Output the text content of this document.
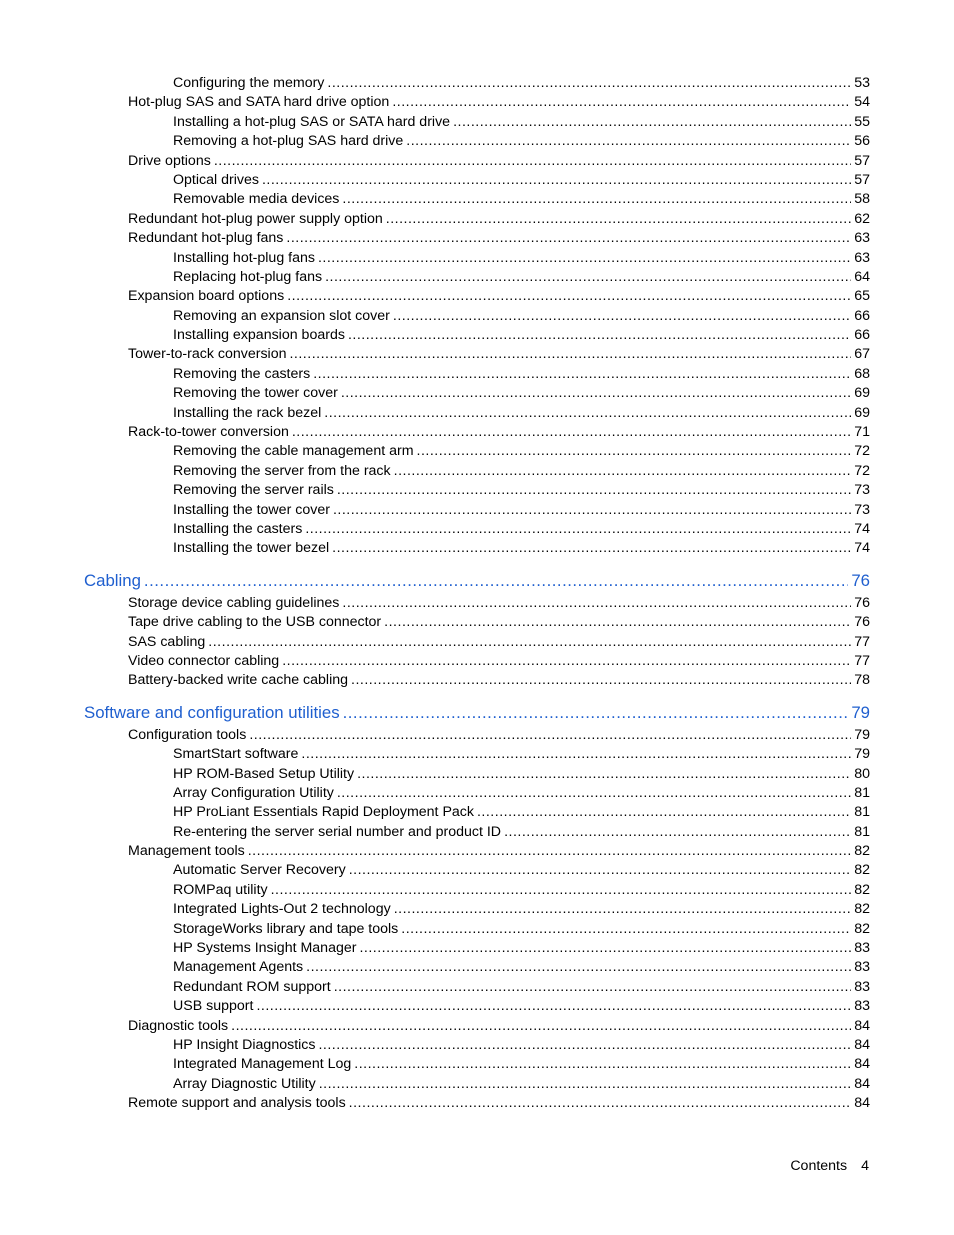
Configuring the memory .....	53
Hot-plug SAS and SATA hard drive option .....	54
Installing a hot-plug SAS or SATA hard drive .....	55
Removing a hot-plug SAS hard drive .....	56
Drive options .....	57
Optical drives .....	57
Removable media devices .....	58
Redundant hot-plug power supply option .....	62
Redundant hot-plug fans .....	63
Installing hot-plug fans .....	63
Replacing hot-plug fans .....	64
Expansion board options .....	65
Removing an expansion slot cover .....	66
Installing expansion boards .....	66
Tower-to-rack conversion .....	67
Removing the casters .....	68
Removing the tower cover .....	69
Installing the rack bezel .....	69
Rack-to-tower conversion .....	71
Removing the cable management arm .....	72
Removing the server from the rack .....	72
Removing the server rails .....	73
Installing the tower cover .....	73
Installing the casters .....	74
Installing the tower bezel .....	74
Cabling .....	76
Storage device cabling guidelines .....	76
Tape drive cabling to the USB connector .....	76
SAS cabling .....	77
Video connector cabling .....	77
Battery-backed write cache cabling .....	78
Software and configuration utilities .....	79
Configuration tools .....	79
SmartStart software .....	79
HP ROM-Based Setup Utility .....	80
Array Configuration Utility .....	81
HP ProLiant Essentials Rapid Deployment Pack .....	81
Re-entering the server serial number and product ID .....	81
Management tools .....	82
Automatic Server Recovery .....	82
ROMPaq utility .....	82
Integrated Lights-Out 2 technology .....	82
StorageWorks library and tape tools .....	82
HP Systems Insight Manager .....	83
Management Agents .....	83
Redundant ROM support .....	83
USB support .....	83
Diagnostic tools .....	84
HP Insight Diagnostics .....	84
Integrated Management Log .....	84
Array Diagnostic Utility .....	84
Remote support and analysis tools .....	84
Contents 4
